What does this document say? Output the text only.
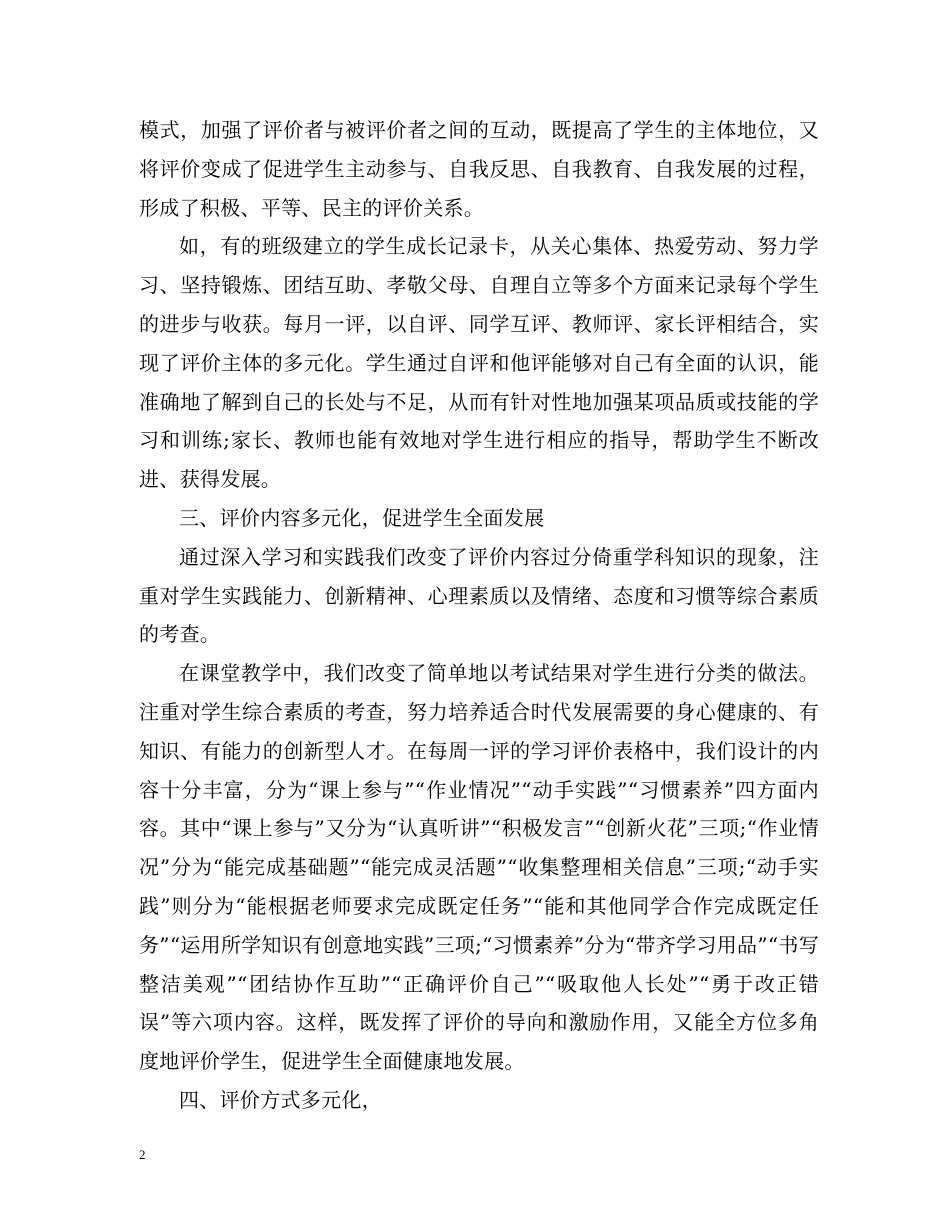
模式，加强了评价者与被评价者之间的互动，既提高了学生的主体地位，又将评价变成了促进学生主动参与、自我反思、自我教育、自我发展的过程，形成了积极、平等、民主的评价关系。

如，有的班级建立的学生成长记录卡，从关心集体、热爱劳动、努力学习、坚持锻炼、团结互助、孝敬父母、自理自立等多个方面来记录每个学生的进步与收获。每月一评，以自评、同学互评、教师评、家长评相结合，实现了评价主体的多元化。学生通过自评和他评能够对自己有全面的认识，能准确地了解到自己的长处与不足，从而有针对性地加强某项品质或技能的学习和训练;家长、教师也能有效地对学生进行相应的指导，帮助学生不断改进、获得发展。

三、评价内容多元化，促进学生全面发展

通过深入学习和实践我们改变了评价内容过分倚重学科知识的现象，注重对学生实践能力、创新精神、心理素质以及情绪、态度和习惯等综合素质的考查。

在课堂教学中，我们改变了简单地以考试结果对学生进行分类的做法。注重对学生综合素质的考查，努力培养适合时代发展需要的身心健康的、有知识、有能力的创新型人才。在每周一评的学习评价表格中，我们设计的内容十分丰富，分为“课上参与”“作业情况”“动手实践”“习惯素养”四方面内容。其中“课上参与”又分为“认真听讲”“积极发言”“创新火花”三项;“作业情况”分为“能完成基础题”“能完成灵活题”“收集整理相关信息”三项;“动手实践”则分为“能根据老师要求完成既定任务”“能和其他同学合作完成既定任务”“运用所学知识有创意地实践”三项;“习惯素养”分为“带齐学习用品”“书写整洁美观”“团结协作互助”“正确评价自己”“吸取他人长处”“勇于改正错误”等六项内容。这样，既发挥了评价的导向和激励作用，又能全方位多角度地评价学生，促进学生全面健康地发展。

四、评价方式多元化，

2
